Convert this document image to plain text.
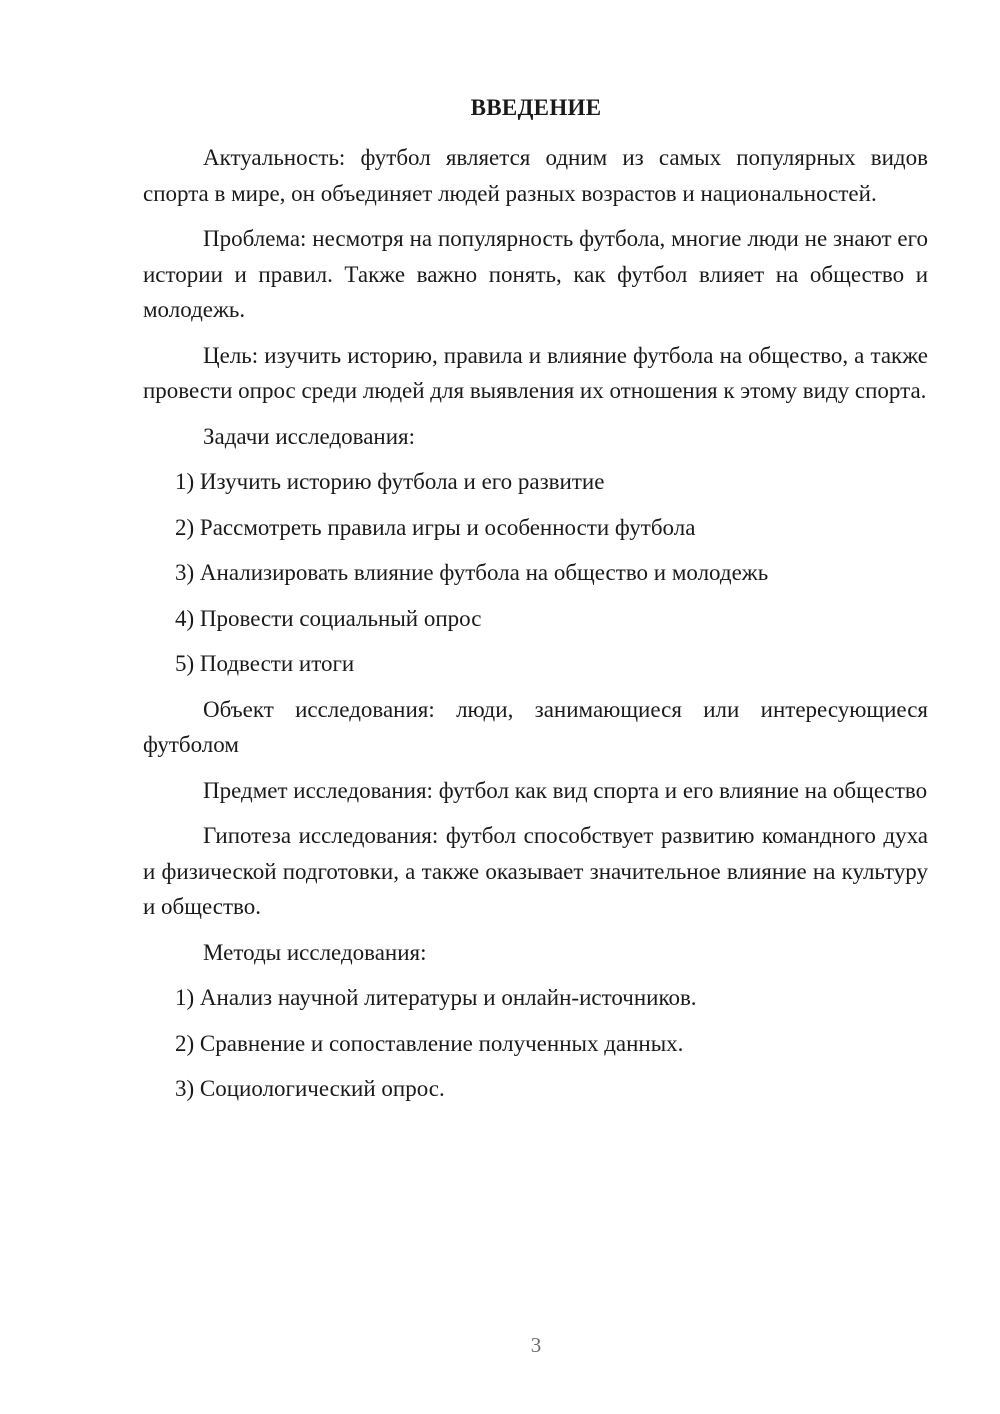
ВВЕДЕНИЕ

Актуальность: футбол является одним из самых популярных видов спорта в мире, он объединяет людей разных возрастов и национальностей.

Проблема: несмотря на популярность футбола, многие люди не знают его истории и правил. Также важно понять, как футбол влияет на общество и молодежь.

Цель: изучить историю, правила и влияние футбола на общество, а также провести опрос среди людей для выявления их отношения к этому виду спорта.

Задачи исследования:

1) Изучить историю футбола и его развитие
2) Рассмотреть правила игры и особенности футбола
3) Анализировать влияние футбола на общество и молодежь
4) Провести социальный опрос
5) Подвести итоги

Объект исследования: люди, занимающиеся или интересующиеся футболом

Предмет исследования: футбол как вид спорта и его влияние на общество

Гипотеза исследования: футбол способствует развитию командного духа и физической подготовки, а также оказывает значительное влияние на культуру и общество.

Методы исследования:

1) Анализ научной литературы и онлайн-источников.
2) Сравнение и сопоставление полученных данных.
3) Социологический опрос.
3
